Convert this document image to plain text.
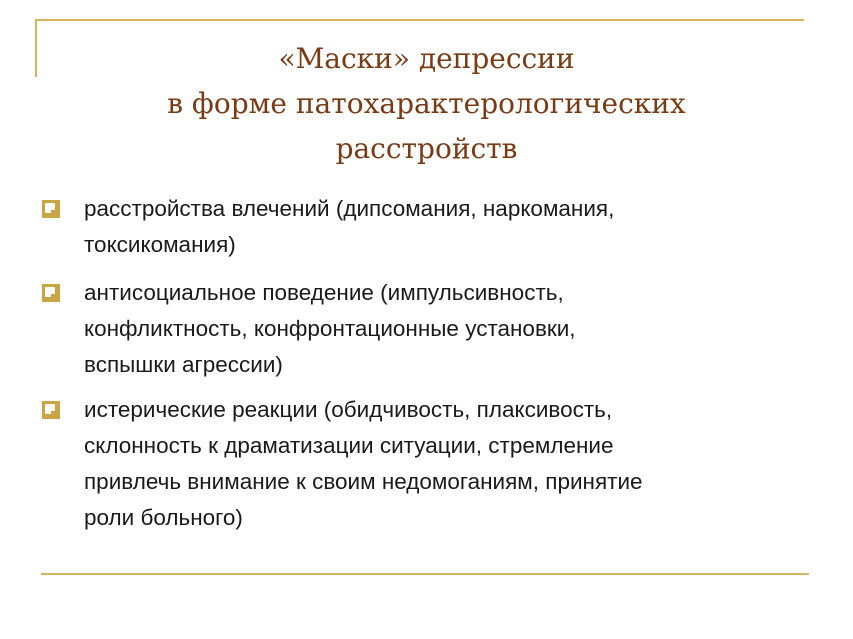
«Маски» депрессии
в форме патохарактерологических
расстройств
расстройства влечений (дипсомания, наркомания,
токсикомания)
антисоциальное поведение (импульсивность,
конфликтность, конфронтационные установки,
вспышки агрессии)
истерические реакции (обидчивость, плаксивость,
склонность к драматизации ситуации, стремление
привлечь внимание к своим недомоганиям, принятие
роли больного)
